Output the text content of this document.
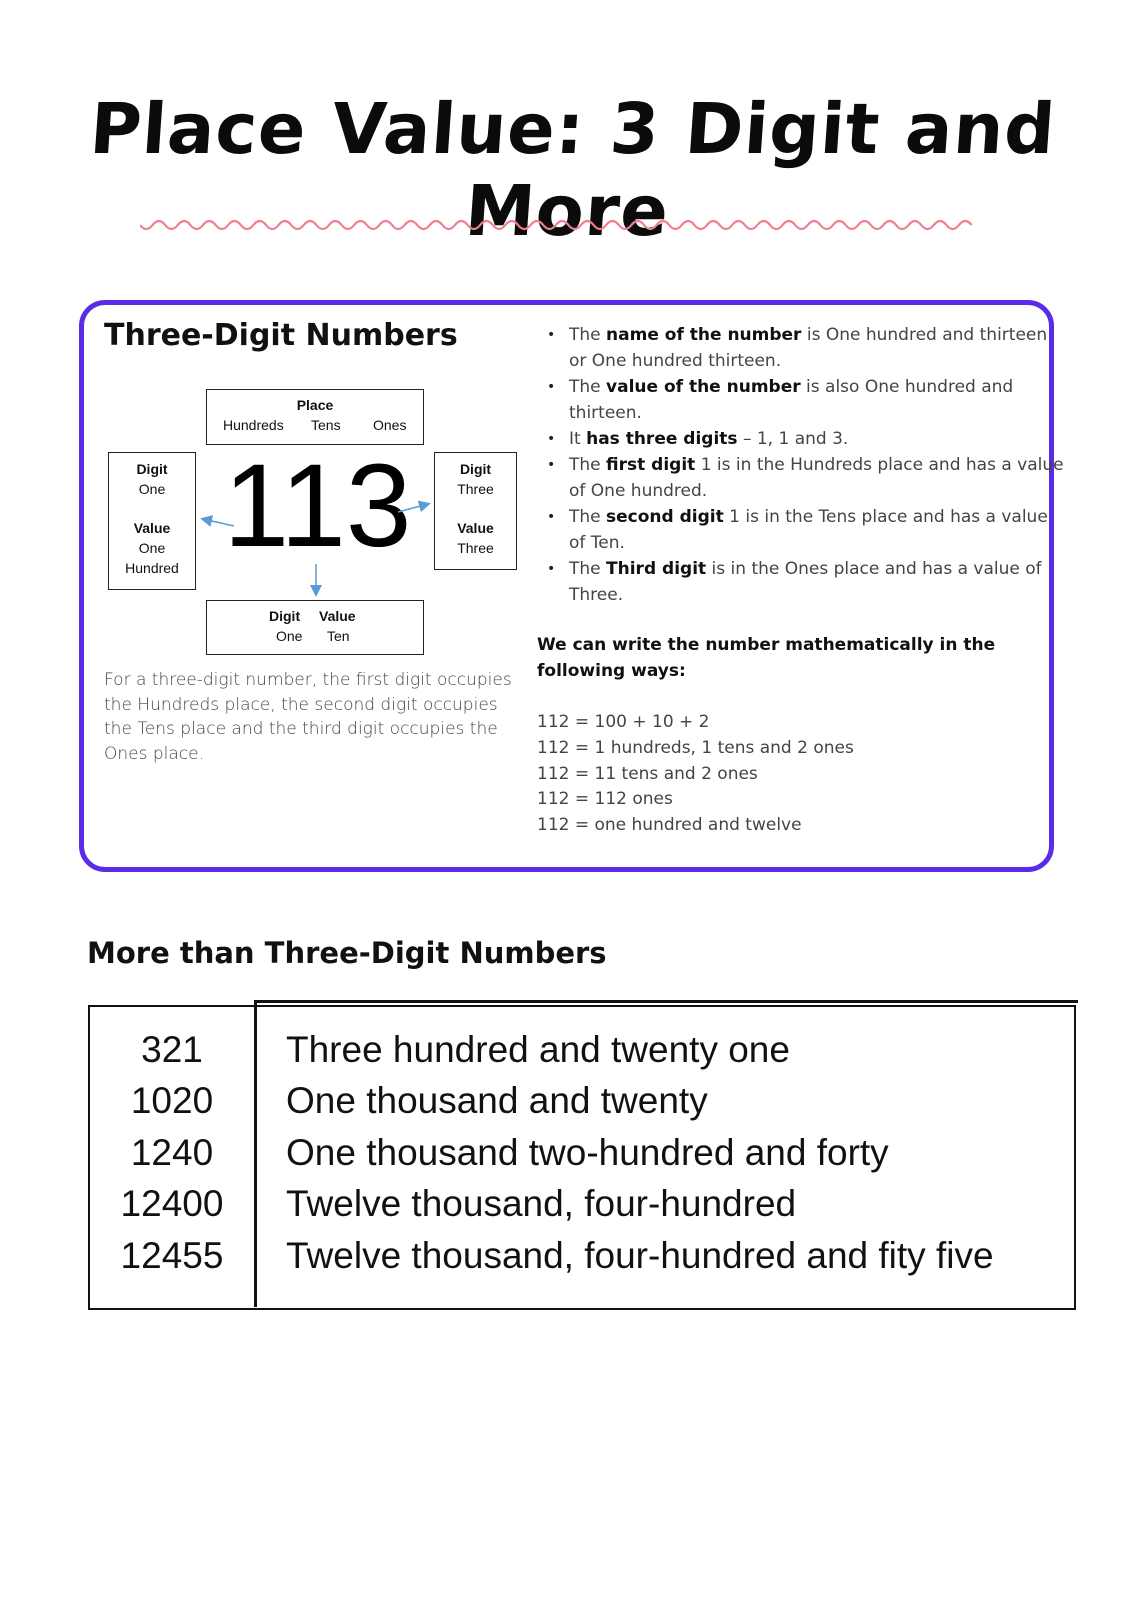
Place Value: 3 Digit and More
Three-Digit Numbers
Place
Hundreds Tens Ones
Digit
One
Value
One
Hundred
Digit
Three
Value
Three
Digit Value
One Ten
113
For a three-digit number, the first digit occupies the Hundreds place, the second digit occupies the Tens place and the third digit occupies the Ones place.
• The name of the number is One hundred and thirteen or One hundred thirteen.
• The value of the number is also One hundred and thirteen.
• It has three digits – 1, 1 and 3.
• The first digit 1 is in the Hundreds place and has a value of One hundred.
• The second digit 1 is in the Tens place and has a value of Ten.
• The Third digit is in the Ones place and has a value of Three.
We can write the number mathematically in the following ways:
112 = 100 + 10 + 2
112 = 1 hundreds, 1 tens and 2 ones
112 = 11 tens and 2 ones
112 = 112 ones
112 = one hundred and twelve
More than Three-Digit Numbers
321	Three hundred and twenty one
1020	One thousand and twenty
1240	One thousand two-hundred and forty
12400	Twelve thousand, four-hundred
12455	Twelve thousand, four-hundred and fity five
